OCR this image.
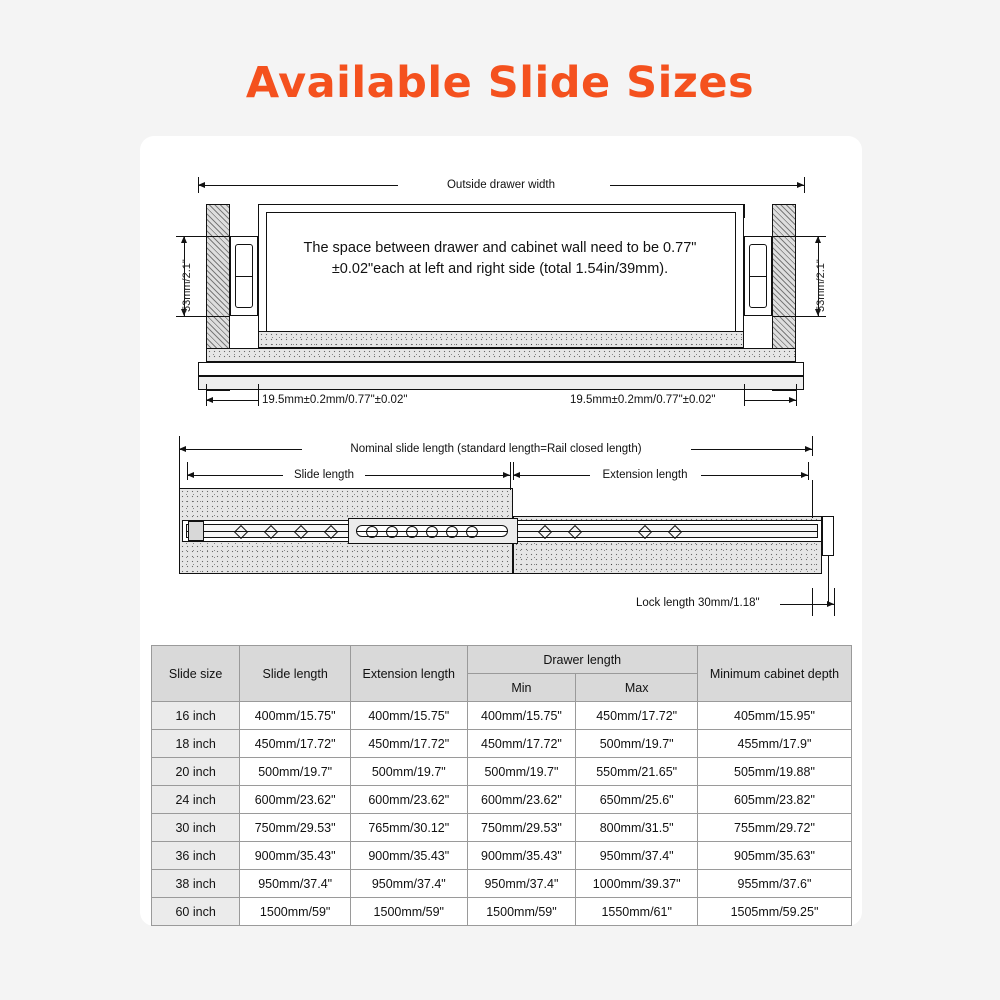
Available Slide Sizes
Outside drawer width
53mm/2.1"	53mm/2.1"
The space between drawer and cabinet wall need to be 0.77" ±0.02"each at left and right side (total 1.54in/39mm).
19.5mm±0.2mm/0.77"±0.02"	19.5mm±0.2mm/0.77"±0.02"
Nominal slide length (standard length=Rail closed length)
Slide length	Extension length
Lock length 30mm/1.18"
Slide size	Slide length	Extension length	Drawer length		Minimum cabinet depth
			Min	Max	
16 inch	400mm/15.75"	400mm/15.75"	400mm/15.75"	450mm/17.72"	405mm/15.95"
18 inch	450mm/17.72"	450mm/17.72"	450mm/17.72"	500mm/19.7"	455mm/17.9"
20 inch	500mm/19.7"	500mm/19.7"	500mm/19.7"	550mm/21.65"	505mm/19.88"
24 inch	600mm/23.62"	600mm/23.62"	600mm/23.62"	650mm/25.6"	605mm/23.82"
30 inch	750mm/29.53"	765mm/30.12"	750mm/29.53"	800mm/31.5"	755mm/29.72"
36 inch	900mm/35.43"	900mm/35.43"	900mm/35.43"	950mm/37.4"	905mm/35.63"
38 inch	950mm/37.4"	950mm/37.4"	950mm/37.4"	1000mm/39.37"	955mm/37.6"
60 inch	1500mm/59"	1500mm/59"	1500mm/59"	1550mm/61"	1505mm/59.25"
